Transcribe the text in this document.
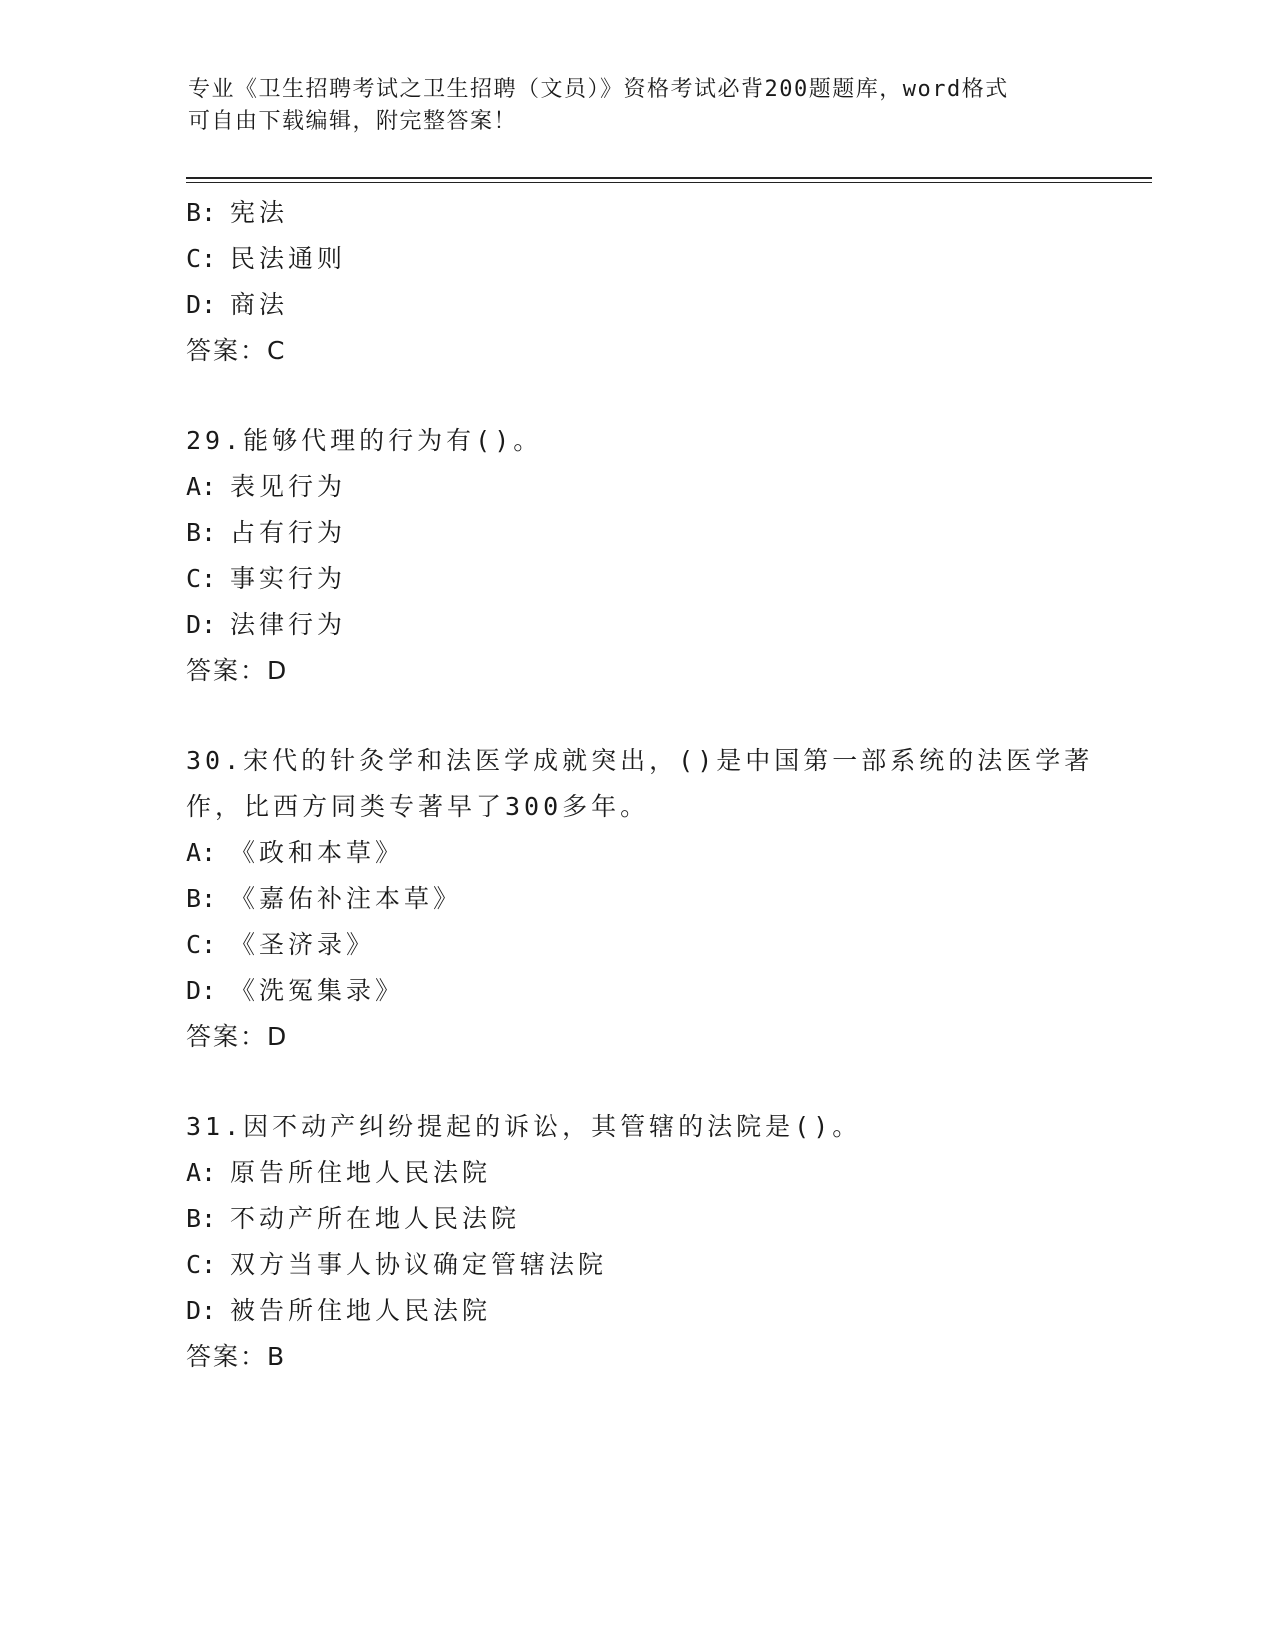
专业《卫生招聘考试之卫生招聘（文员）》资格考试必背200题题库，word格式
可自由下载编辑，附完整答案！
B: 宪法
C: 民法通则
D: 商法
答案：C
29.能够代理的行为有()。
A: 表见行为
B: 占有行为
C: 事实行为
D: 法律行为
答案：D
30.宋代的针灸学和法医学成就突出，()是中国第一部系统的法医学著
作，比西方同类专著早了300多年。
A: 《政和本草》
B: 《嘉佑补注本草》
C: 《圣济录》
D: 《洗冤集录》
答案：D
31.因不动产纠纷提起的诉讼，其管辖的法院是()。
A: 原告所住地人民法院
B: 不动产所在地人民法院
C: 双方当事人协议确定管辖法院
D: 被告所住地人民法院
答案：B
